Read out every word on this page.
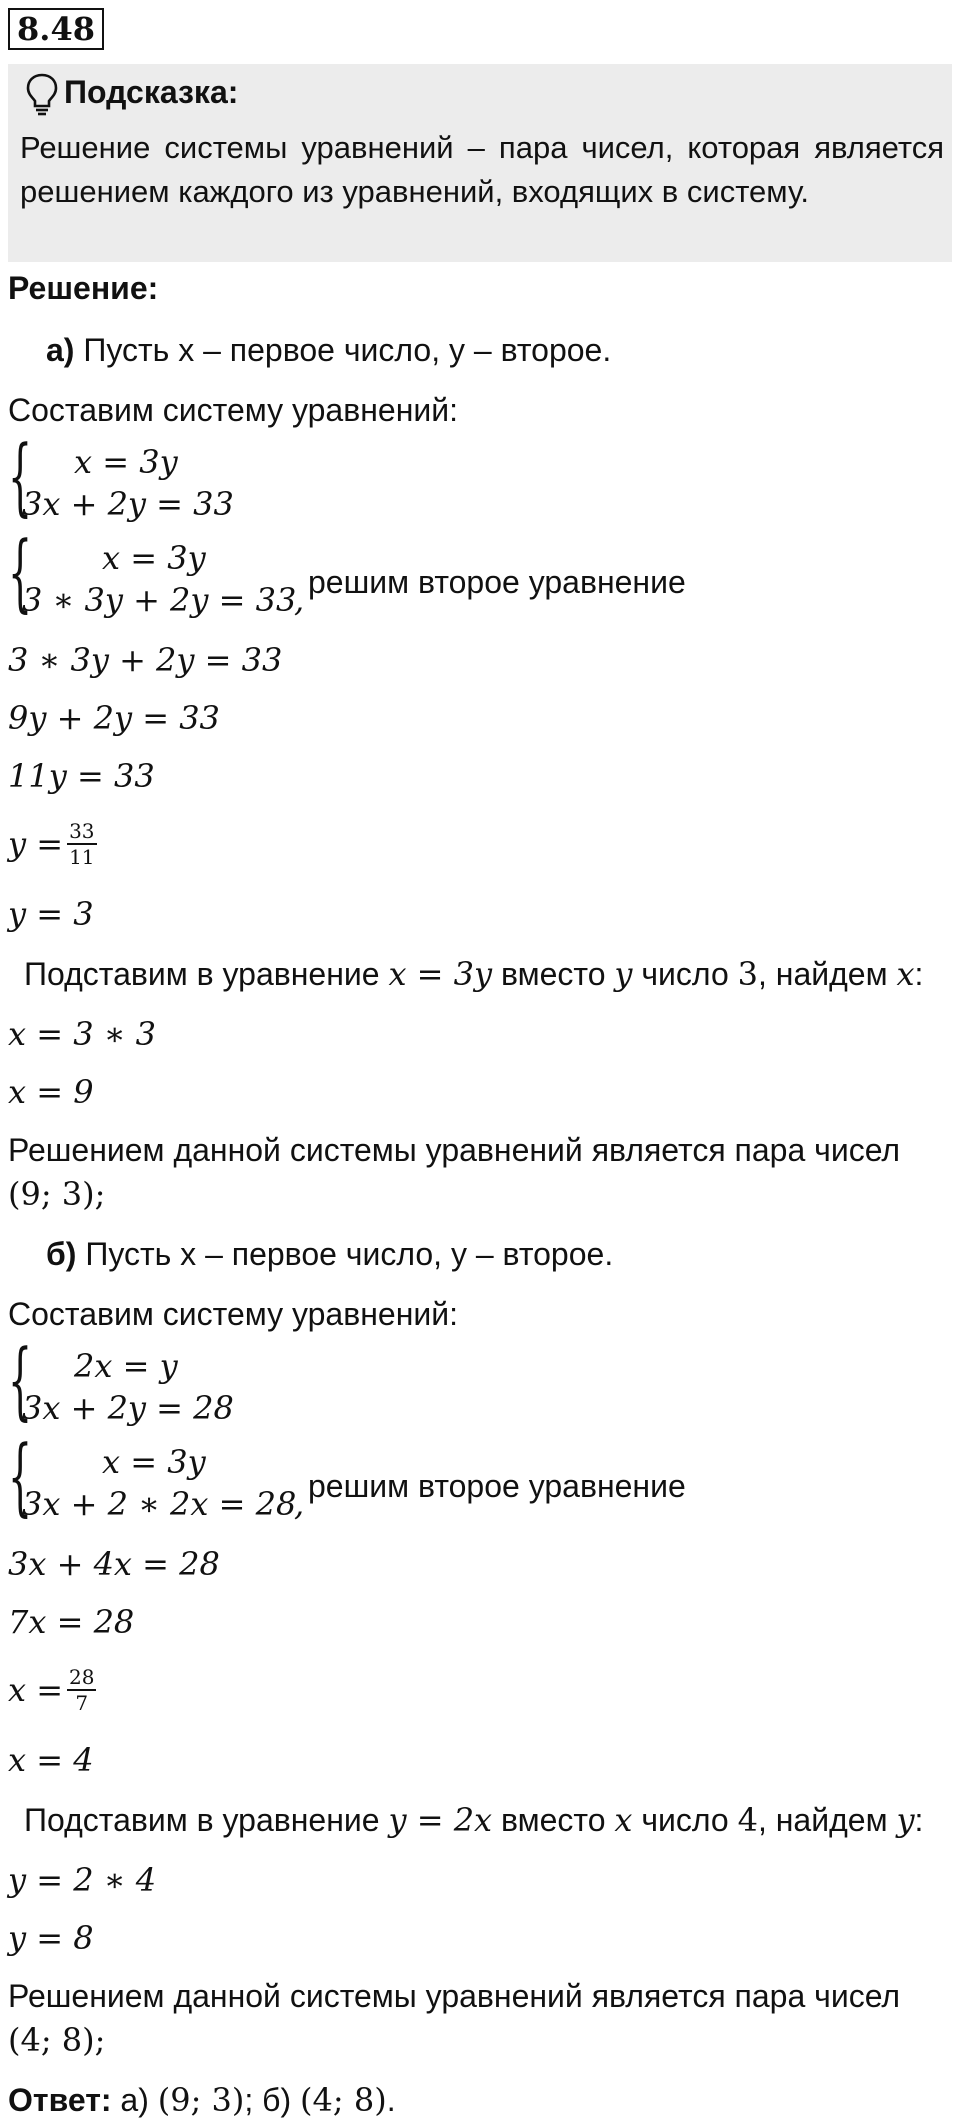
8.48
Подсказка:
Решение системы уравнений – пара чисел, которая является решением каждого из уравнений, входящих в систему.
Решение:
а) Пусть x – первое число, y – второе.
Составим систему уравнений:
{ x = 3y
3x + 2y = 33
{ x = 3y
3 ∗ 3y + 2y = 33
, решим второе уравнение
3 ∗ 3y + 2y = 33
9y + 2y = 33
11y = 33
$y = \frac{33}{11}$
y = 3
Подставим в уравнение x = 3y вместо y число 3, найдем x:
x = 3 ∗ 3
x = 9
Решением данной системы уравнений является пара чисел
(9; 3);
б) Пусть x – первое число, y – второе.
Составим систему уравнений:
{ 2x = y
3x + 2y = 28
{ x = 3y
3x + 2 ∗ 2x = 28
, решим второе уравнение
3x + 4x = 28
7x = 28
$x = \frac{28}{7}$
x = 4
Подставим в уравнение y = 2x вместо x число 4, найдем y:
y = 2 ∗ 4
y = 8
Решением данной системы уравнений является пара чисел
(4; 8);
Ответ: а) (9; 3); б) (4; 8).
